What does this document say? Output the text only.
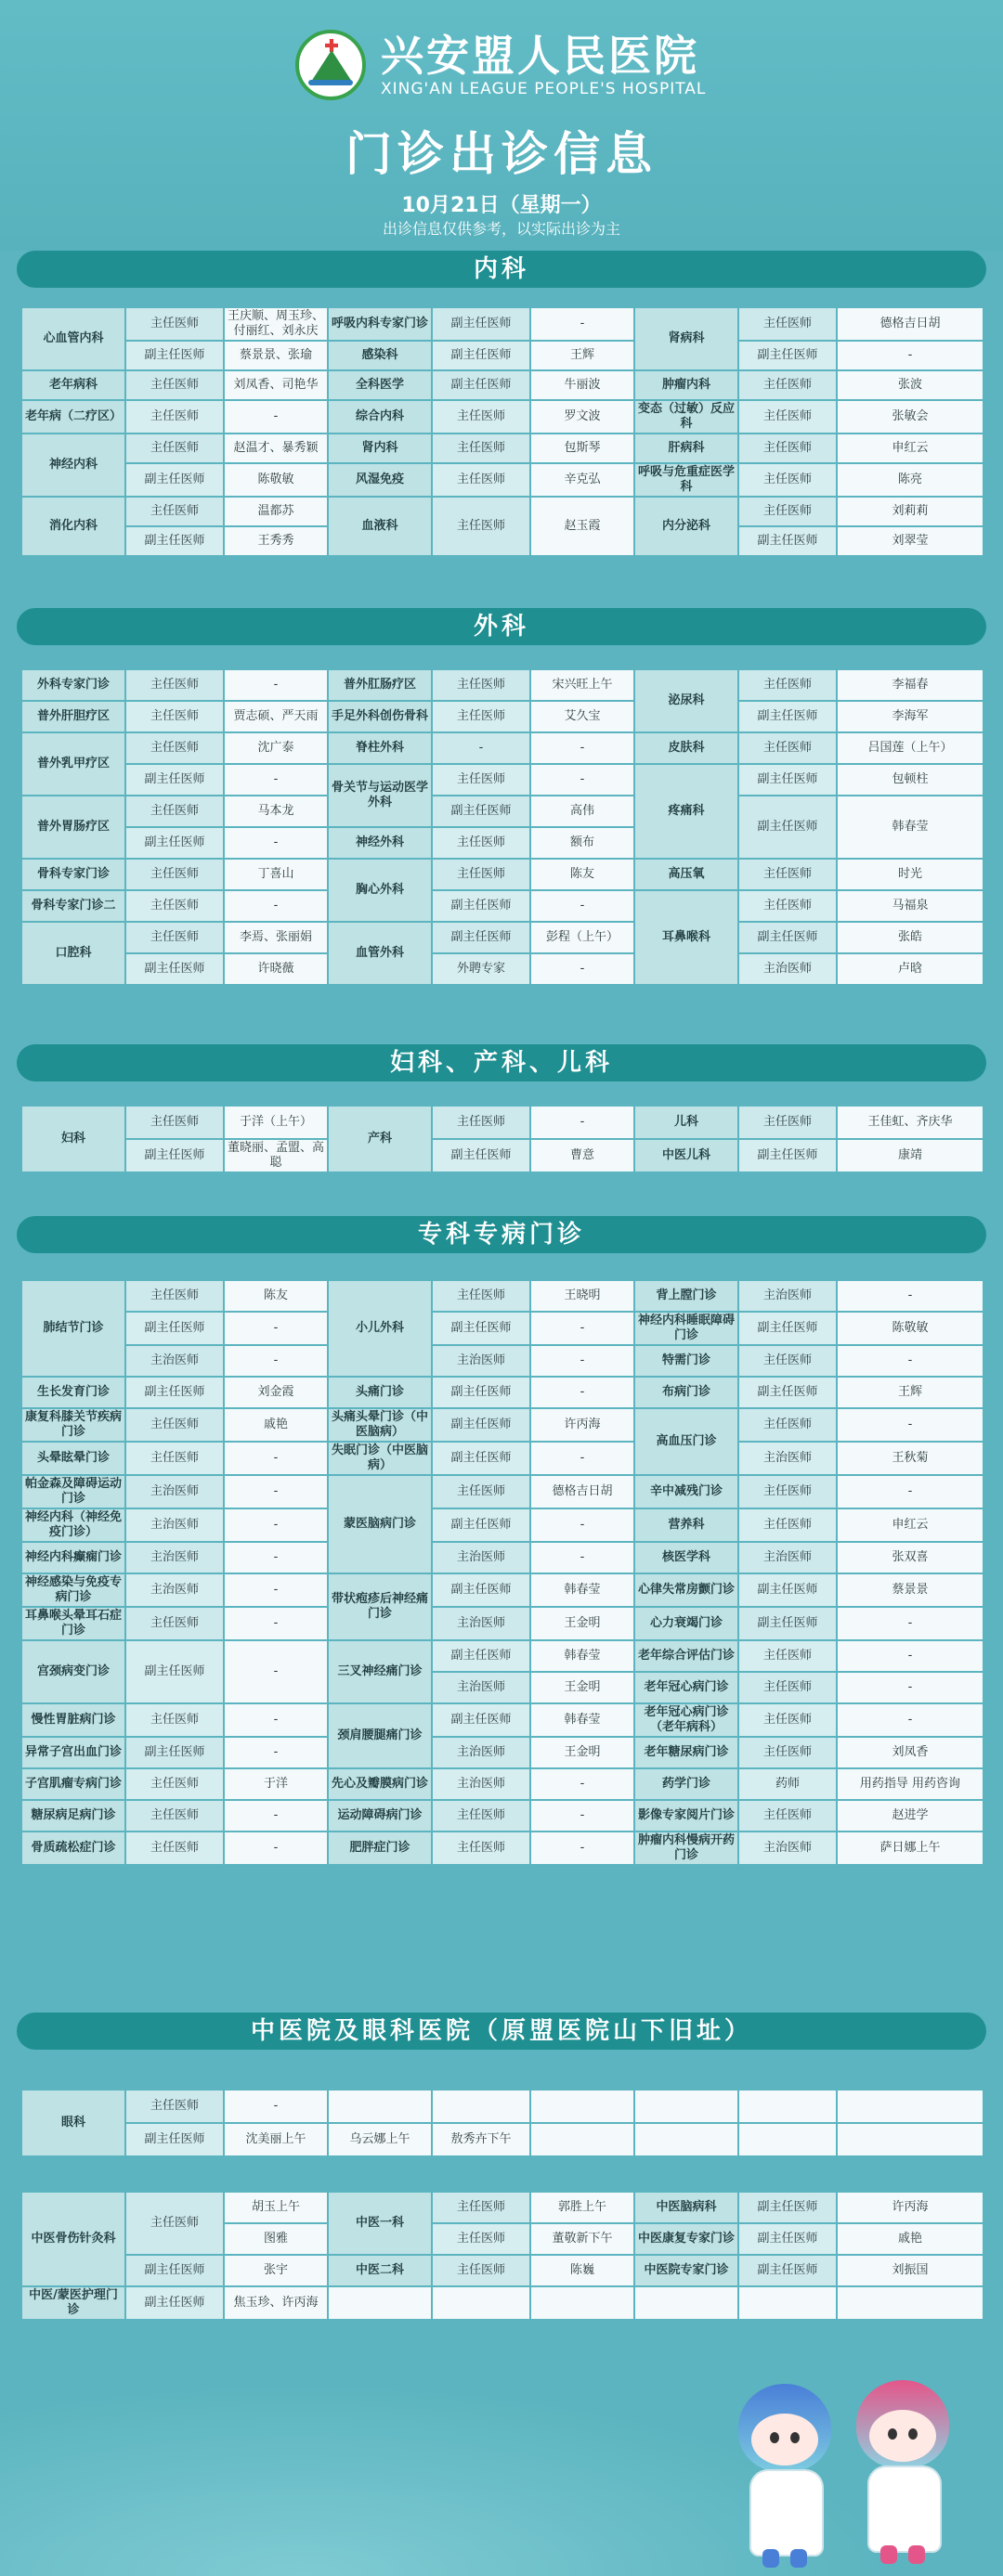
兴安盟人民医院
XING'AN LEAGUE PEOPLE'S HOSPITAL
门诊出诊信息
10月21日（星期一）
出诊信息仅供参考，以实际出诊为主
内科
心血管内科	主任医师	王庆顺、周玉珍、付丽红、刘永庆	呼吸内科专家门诊	副主任医师	-	肾病科	主任医师	德格吉日胡
	副主任医师	蔡景景、张瑜	感染科	副主任医师	王辉		副主任医师	-
老年病科	主任医师	刘凤香、司艳华	全科医学	副主任医师	牛丽波	肿瘤内科	主任医师	张波
老年病（二疗区）	主任医师	-	综合内科	主任医师	罗文波	变态（过敏）反应科	主任医师	张敏会
神经内科	主任医师	赵温才、暴秀颖	肾内科	主任医师	包斯琴	肝病科	主任医师	申红云
	副主任医师	陈敬敏	风湿免疫	主任医师	辛克弘	呼吸与危重症医学科	主任医师	陈亮
消化内科	主任医师	温都苏	血液科	主任医师	赵玉霞	内分泌科	主任医师	刘莉莉
	副主任医师	王秀秀					副主任医师	刘翠莹
外科
外科专家门诊	主任医师	-	普外肛肠疗区	主任医师	宋兴旺上午	泌尿科	主任医师	李福春
普外肝胆疗区	主任医师	贾志硕、严天雨	手足外科创伤骨科	主任医师	艾久宝		副主任医师	李海军
普外乳甲疗区	主任医师	沈广泰	脊柱外科	-	-	皮肤科	主任医师	吕国莲（上午）
	副主任医师	-	骨关节与运动医学外科	主任医师	-	疼痛科	副主任医师	包顿柱
普外胃肠疗区	主任医师	马本龙		副主任医师	高伟		副主任医师	韩春莹
	副主任医师	-	神经外科	主任医师	额布			
骨科专家门诊	主任医师	丁喜山	胸心外科	主任医师	陈友	高压氧	主任医师	时光
骨科专家门诊二	主任医师	-		副主任医师	-	耳鼻喉科	主任医师	马福泉
口腔科	主任医师	李焉、张丽娟	血管外科	副主任医师	彭程（上午）		副主任医师	张皓
	副主任医师	许晓薇		外聘专家	-		主治医师	卢晗
妇科、产科、儿科
妇科	主任医师	于洋（上午）	产科	主任医师	-	儿科	主任医师	王佳虹、齐庆华
	副主任医师	董晓丽、孟盟、高聪		副主任医师	曹意	中医儿科	副主任医师	康靖
专科专病门诊
肺结节门诊	主任医师	陈友	小儿外科	主任医师	王晓明	背上膛门诊	主治医师	-
	副主任医师	-		副主任医师	-	神经内科睡眠障碍门诊	副主任医师	陈敬敏
	主治医师	-		主治医师	-	特需门诊	主任医师	-
生长发育门诊	副主任医师	刘金霞	头痛门诊	副主任医师	-	布病门诊	副主任医师	王辉
康复科膝关节疾病门诊	主任医师	戚艳	头痛头晕门诊（中医脑病）	副主任医师	许丙海	高血压门诊	主任医师	-
头晕眩晕门诊	主任医师	-	失眠门诊（中医脑病）	副主任医师	-		主治医师	王秋菊
帕金森及障碍运动门诊	主治医师	-	蒙医脑病门诊	主任医师	德格吉日胡	辛中减残门诊	主任医师	-
神经内科（神经免疫门诊）	主治医师	-		副主任医师	-	营养科	主任医师	申红云
神经内科癫痫门诊	主治医师	-		主治医师	-	核医学科	主治医师	张双喜
神经感染与免疫专病门诊	主治医师	-	带状疱疹后神经痛门诊	副主任医师	韩春莹	心律失常房颤门诊	副主任医师	蔡景景
耳鼻喉头晕耳石症门诊	主任医师	-		主治医师	王金明	心力衰竭门诊	副主任医师	-
宫颈病变门诊	副主任医师	-	三叉神经痛门诊	副主任医师	韩春莹	老年综合评估门诊	主任医师	-
				主治医师	王金明	老年冠心病门诊	主任医师	-
慢性胃脏病门诊	主任医师	-	颈肩腰腿痛门诊	副主任医师	韩春莹	老年冠心病门诊（老年病科）	主任医师	-
异常子宫出血门诊	副主任医师	-		主治医师	王金明	老年糖尿病门诊	主任医师	刘凤香
子宫肌瘤专病门诊	主任医师	于洋	先心及瓣膜病门诊	主治医师	-	药学门诊	药师	用药指导 用药咨询
糖尿病足病门诊	主任医师	-	运动障碍病门诊	主任医师	-	影像专家阅片门诊	主任医师	赵进学
骨质疏松症门诊	主任医师	-	肥胖症门诊	主任医师	-	肿瘤内科慢病开药门诊	主治医师	萨日娜上午
中医院及眼科医院（原盟医院山下旧址）
眼科	主任医师	-						
	副主任医师	沈美丽上午	乌云娜上午	敖秀卉下午				
中医骨伤针灸科	主任医师	胡玉上午	中医一科	主任医师	郭胜上午	中医脑病科	副主任医师	许丙海
		图雅		主任医师	董敬新下午	中医康复专家门诊	副主任医师	戚艳
	副主任医师	张宇	中医二科	主任医师	陈巍	中医院专家门诊	副主任医师	刘振国
中医/蒙医护理门诊	副主任医师	焦玉珍、许丙海						
